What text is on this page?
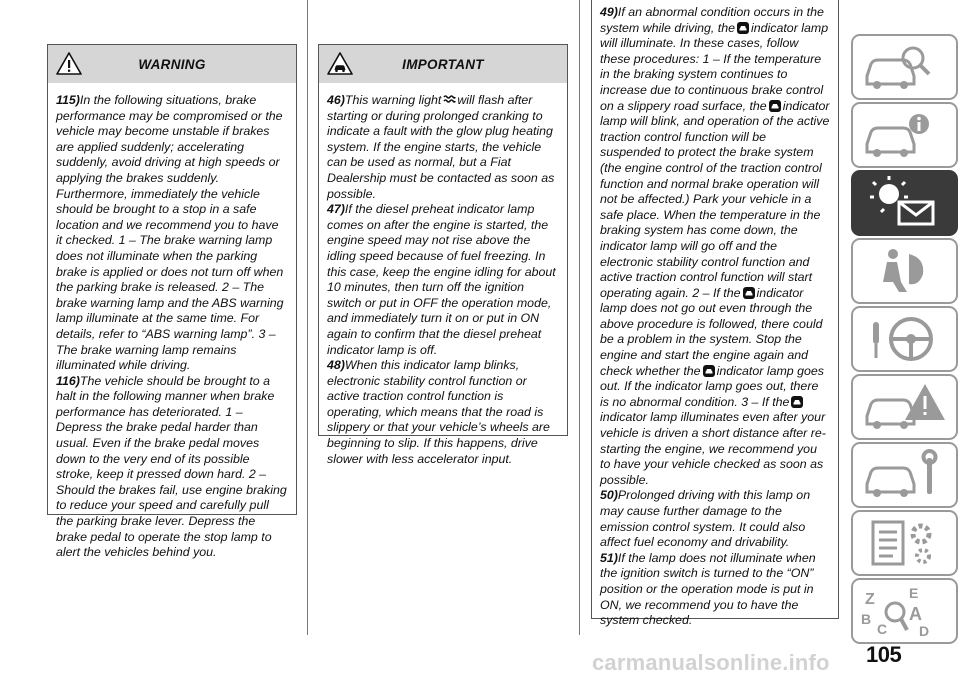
WARNING

115)In the following situations, brake performance may be compromised or the vehicle may become unstable if brakes are applied suddenly; accelerating suddenly, avoid driving at high speeds or applying the brakes suddenly. Furthermore, immediately the vehicle should be brought to a stop in a safe location and we recommend you to have it checked. 1 – The brake warning lamp does not illuminate when the parking brake is applied or does not turn off when the parking brake is released. 2 – The brake warning lamp and the ABS warning lamp illuminate at the same time. For details, refer to “ABS warning lamp”. 3 – The brake warning lamp remains illuminated while driving.

116)The vehicle should be brought to a halt in the following manner when brake performance has deteriorated. 1 – Depress the brake pedal harder than usual. Even if the brake pedal moves down to the very end of its possible stroke, keep it pressed down hard. 2 – Should the brakes fail, use engine braking to reduce your speed and carefully pull the parking brake lever. Depress the brake pedal to operate the stop lamp to alert the vehicles behind you.

IMPORTANT

46)This warning light will flash after starting or during prolonged cranking to indicate a fault with the glow plug heating system. If the engine starts, the vehicle can be used as normal, but a Fiat Dealership must be contacted as soon as possible.

47)If the diesel preheat indicator lamp comes on after the engine is started, the engine speed may not rise above the idling speed because of fuel freezing. In this case, keep the engine idling for about 10 minutes, then turn off the ignition switch or put in OFF the operation mode, and immediately turn it on or put in ON again to confirm that the diesel preheat indicator lamp is off.

48)When this indicator lamp blinks, electronic stability control function or active traction control function is operating, which means that the road is slippery or that your vehicle’s wheels are beginning to slip. If this happens, drive slower with less accelerator input.

49)If an abnormal condition occurs in the system while driving, the indicator lamp will illuminate. In these cases, follow these procedures: 1 – If the temperature in the braking system continues to increase due to continuous brake control on a slippery road surface, the indicator lamp will blink, and operation of the active traction control function will be suspended to protect the brake system (the engine control of the traction control function and normal brake operation will not be affected.) Park your vehicle in a safe place. When the temperature in the braking system has come down, the indicator lamp will go off and the electronic stability control function and active traction control function will start operating again. 2 – If the indicator lamp does not go out even through the above procedure is followed, there could be a problem in the system. Stop the engine and start the engine again and check whether the indicator lamp goes out. If the indicator lamp goes out, there is no abnormal condition. 3 – If theindicator lamp illuminates even after your vehicle is driven a short distance after re-starting the engine, we recommend you to have your vehicle checked as soon as possible.

50)Prolonged driving with this lamp on may cause further damage to the emission control system. It could also affect fuel economy and drivability.

51)If the lamp does not illuminate when the ignition switch is turned to the “ON” position or the operation mode is put in ON, we recommend you to have the system checked.

Z E
B
C
A
D
105
carmanualsonline.info
